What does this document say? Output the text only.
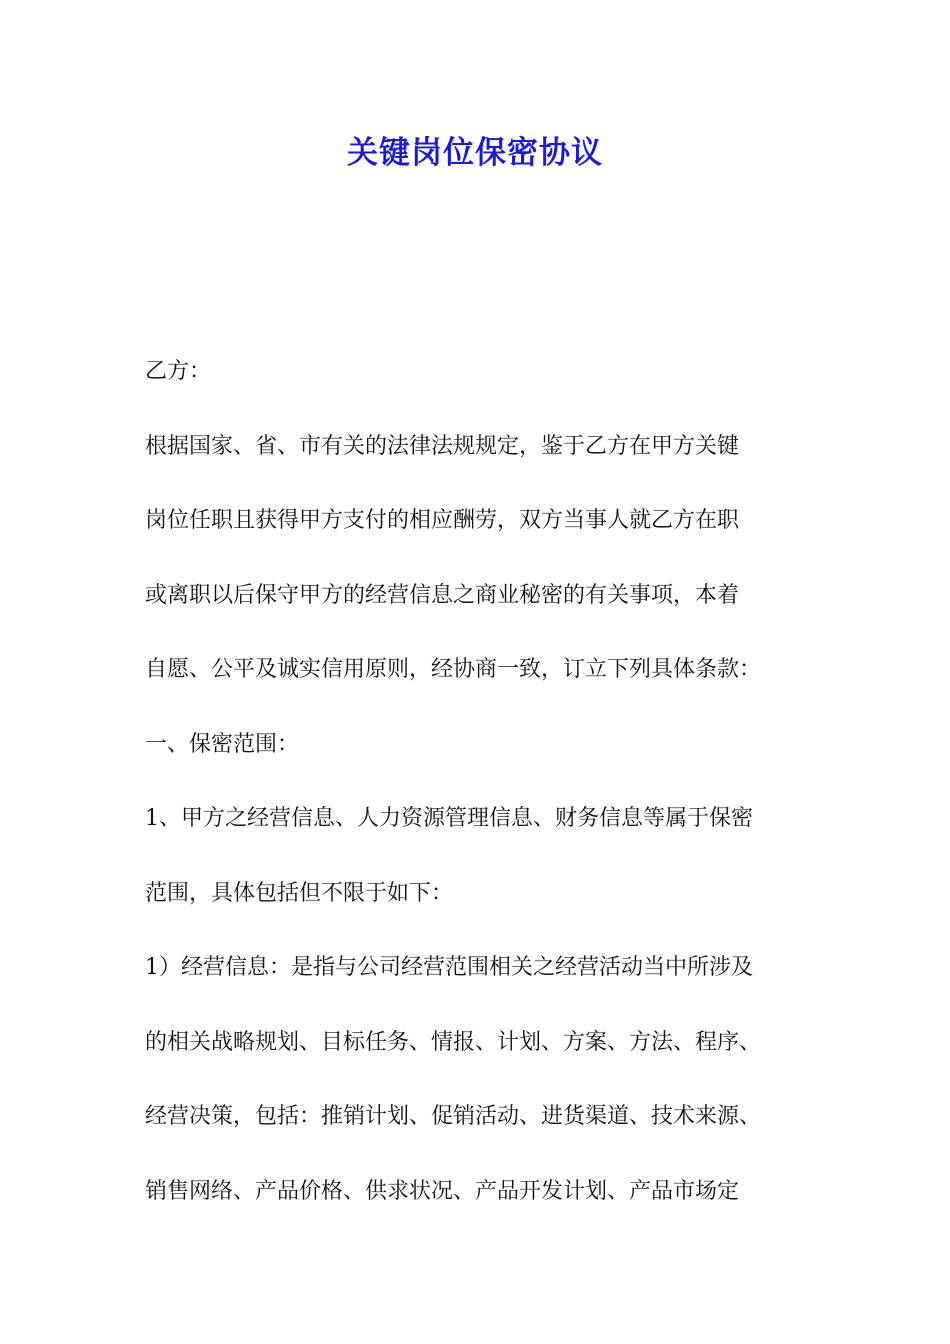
关键岗位保密协议
乙方：
根据国家、省、市有关的法律法规规定，鉴于乙方在甲方关键
岗位任职且获得甲方支付的相应酬劳，双方当事人就乙方在职
或离职以后保守甲方的经营信息之商业秘密的有关事项，本着
自愿、公平及诚实信用原则，经协商一致，订立下列具体条款：
一、保密范围：
1、甲方之经营信息、人力资源管理信息、财务信息等属于保密
范围，具体包括但不限于如下：
1）经营信息：是指与公司经营范围相关之经营活动当中所涉及
的相关战略规划、目标任务、情报、计划、方案、方法、程序、
经营决策，包括：推销计划、促销活动、进货渠道、技术来源、
销售网络、产品价格、供求状况、产品开发计划、产品市场定
